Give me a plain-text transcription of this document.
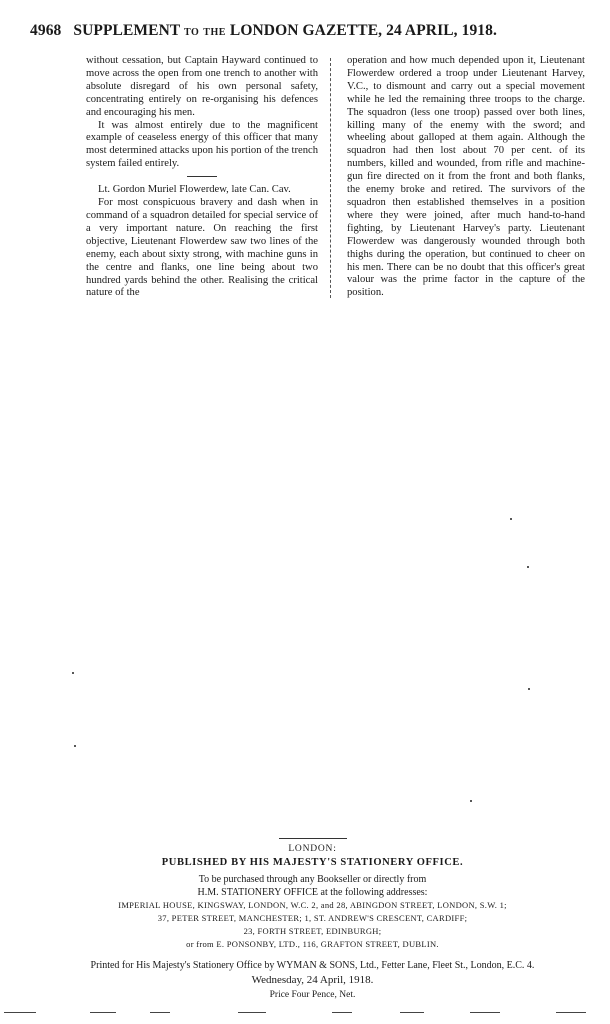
4968 SUPPLEMENT TO THE LONDON GAZETTE, 24 APRIL, 1918.

without cessation, but Captain Hayward continued to move across the open from one trench to another with absolute disregard of his own personal safety, concentrating entirely on re-organising his defences and encouraging his men.

It was almost entirely due to the magnificent example of ceaseless energy of this officer that many most determined attacks upon his portion of the trench system failed entirely.

Lt. Gordon Muriel Flowerdew, late Can. Cav.

For most conspicuous bravery and dash when in command of a squadron detailed for special service of a very important nature. On reaching the first objective, Lieutenant Flowerdew saw two lines of the enemy, each about sixty strong, with machine guns in the centre and flanks, one line being about two hundred yards behind the other. Realising the critical nature of the

operation and how much depended upon it, Lieutenant Flowerdew ordered a troop under Lieutenant Harvey, V.C., to dismount and carry out a special movement while he led the remaining three troops to the charge. The squadron (less one troop) passed over both lines, killing many of the enemy with the sword; and wheeling about galloped at them again. Although the squadron had then lost about 70 per cent. of its numbers, killed and wounded, from rifle and machine-gun fire directed on it from the front and both flanks, the enemy broke and retired. The survivors of the squadron then established themselves in a position where they were joined, after much hand-to-hand fighting, by Lieutenant Harvey's party. Lieutenant Flowerdew was dangerously wounded through both thighs during the operation, but continued to cheer on his men. There can be no doubt that this officer's great valour was the prime factor in the capture of the position.

LONDON:
PUBLISHED BY HIS MAJESTY'S STATIONERY OFFICE.
To be purchased through any Bookseller or directly from
H.M. STATIONERY OFFICE at the following addresses:
IMPERIAL HOUSE, KINGSWAY, LONDON, W.C. 2, and 28, ABINGDON STREET, LONDON, S.W. 1;
37, PETER STREET, MANCHESTER; 1, ST. ANDREW'S CRESCENT, CARDIFF;
23, FORTH STREET, EDINBURGH;
or from E. PONSONBY, LTD., 116, GRAFTON STREET, DUBLIN.
Printed for His Majesty's Stationery Office by WYMAN & SONS, Ltd., Fetter Lane, Fleet St., London, E.C. 4.
Wednesday, 24 April, 1918.
Price Four Pence, Net.
